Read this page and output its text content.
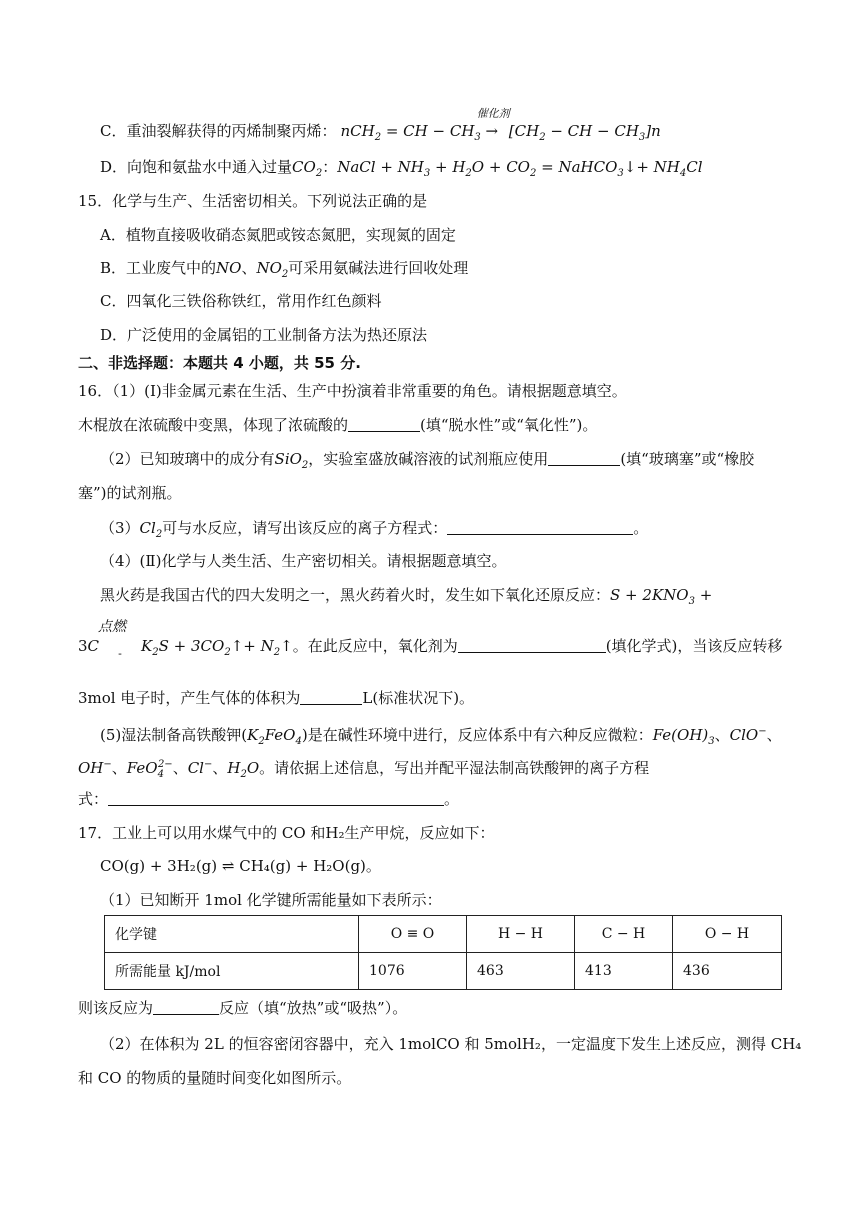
C．重油裂解获得的丙烯制聚丙烯： nCH$_2$ = CH − $CH_3$ →
催化剂
[$CH_2$ − CH − $CH_3]n$
D．向饱和氨盐水中通入过量$CO_2$：NaCl + $NH_3 + H_2O + CO_2$ = NaHCO$_3$↓+ $NH_4Cl$
15．化学与生产、生活密切相关。下列说法正确的是
A．植物直接吸收硝态氮肥或铵态氮肥，实现氮的固定
B．工业废气中的NO、$NO_2$可采用氨碱法进行回收处理
C．四氧化三铁俗称铁红，常用作红色颜料
D．广泛使用的金属铝的工业制备方法为热还原法
二、非选择题：本题共 4 小题，共 55 分.
16．（1）(Ⅰ)非金属元素在生活、生产中扮演着非常重要的角色。请根据题意填空。
木棍放在浓硫酸中变黑，体现了浓硫酸的	(填“脱水性”或“氧化性”)。
（2）已知玻璃中的成分有SiO$_2$，实验室盛放碱溶液的试剂瓶应使用	(填“玻璃塞”或“橡胶
塞”)的试剂瓶。
$(3)Cl_2$可与水反应，请写出该反应的离子方程式：	。
（4）(Ⅱ)化学与人类生活、生产密切相关。请根据题意填空。
黑火药是我国古代的四大发明之一，黑火药着火时，发生如下氧化还原反应：$S + 2KNO_3$ +
点燃
$3C - K_2S$ + $3CO_2↑+$ $N_2↑$。在此反应中，氧化剂为	(填化学式)，当该反应转移
3mol 电子时，产生气体的体积为	L(标准状况下)。
(5)湿法制备高铁酸钾$(K_2FeO_4)$是在碱性环境中进行，反应体系中有六种反应微粒：$Fe(OH)_3$、ClO−、
OH−、FeO$_4^{2-}$、Cl−、$H_2O$。请依据上述信息，写出并配平湿法制高铁酸钾的离子方程
式：	。
17．工业上可以用水煤气中的 CO 和H₂生产甲烷，反应如下：
CO(g) + 3H₂(g) ⇌ CH₄(g) + H₂O(g)。
（1）已知断开 1mol 化学键所需能量如下表所示：
化学键	O ≡ O	H − H	C − H	O − H
所需能量 kJ/mol	1076	463	413	436
则该反应为	反应（填“放热”或“吸热”）。
（2）在体积为 2L 的恒容密闭容器中，充入 1molCO 和 5molH₂，一定温度下发生上述反应，测得 CH₄
和 CO 的物质的量随时间变化如图所示。
